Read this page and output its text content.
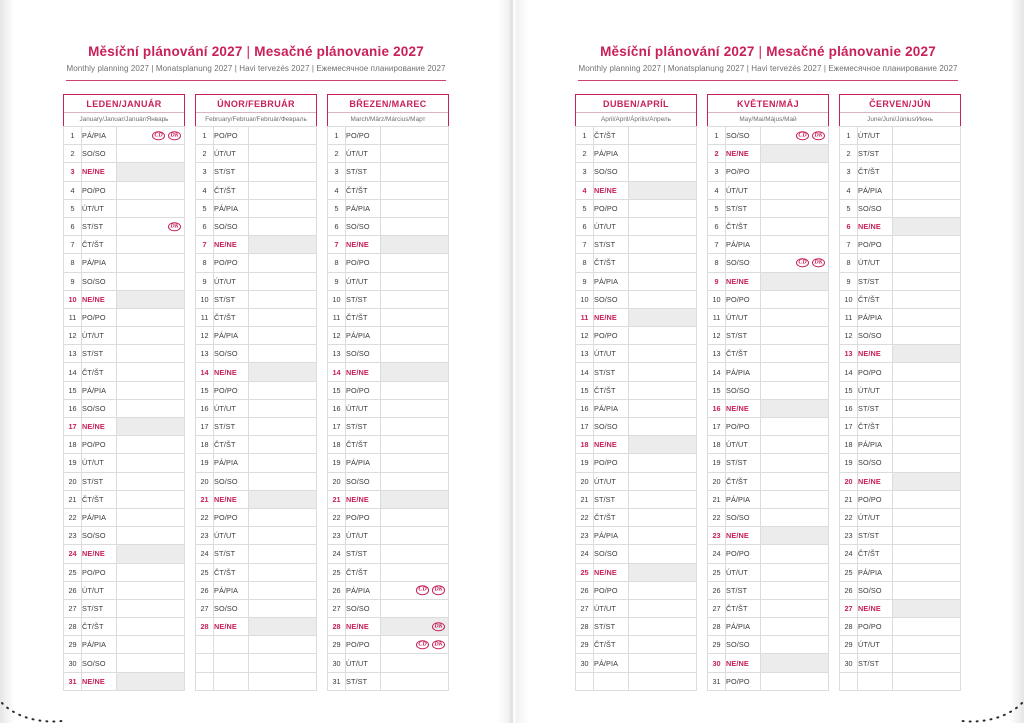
Měsíční plánování 2027 | Mesačné plánovanie 2027
Monthly planning 2027 | Monatsplanung 2027 | Havi tervezés 2027 | Ежемесячное планирование 2027
LEDEN/JANUÁR
January/Januar/Január/Январь
1	PÁ/PIA	CD DK

2	SO/SO	
3	NE/NE	
4	PO/PO	
5	ÚT/UT	
6	ST/ST	DK

7	ČT/ŠT	
8	PÁ/PIA	
9	SO/SO	
10	NE/NE	
11	PO/PO	
12	ÚT/UT	
13	ST/ST	
14	ČT/ŠT	
15	PÁ/PIA	
16	SO/SO	
17	NE/NE	
18	PO/PO	
19	ÚT/UT	
20	ST/ST	
21	ČT/ŠT	
22	PÁ/PIA	
23	SO/SO	
24	NE/NE	
25	PO/PO	
26	ÚT/UT	
27	ST/ST	
28	ČT/ŠT	
29	PÁ/PIA	
30	SO/SO	
31	NE/NE	
ÚNOR/FEBRUÁR
February/Februar/Február/Февраль
1	PO/PO	
2	ÚT/UT	
3	ST/ST	
4	ČT/ŠT	
5	PÁ/PIA	
6	SO/SO	
7	NE/NE	
8	PO/PO	
9	ÚT/UT	
10	ST/ST	
11	ČT/ŠT	
12	PÁ/PIA	
13	SO/SO	
14	NE/NE	
15	PO/PO	
16	ÚT/UT	
17	ST/ST	
18	ČT/ŠT	
19	PÁ/PIA	
20	SO/SO	
21	NE/NE	
22	PO/PO	
23	ÚT/UT	
24	ST/ST	
25	ČT/ŠT	
26	PÁ/PIA	
27	SO/SO	
28	NE/NE	

BŘEZEN/MAREC
March/März/Március/Март
1	PO/PO	
2	ÚT/UT	
3	ST/ST	
4	ČT/ŠT	
5	PÁ/PIA	
6	SO/SO	
7	NE/NE	
8	PO/PO	
9	ÚT/UT	
10	ST/ST	
11	ČT/ŠT	
12	PÁ/PIA	
13	SO/SO	
14	NE/NE	
15	PO/PO	
16	ÚT/UT	
17	ST/ST	
18	ČT/ŠT	
19	PÁ/PIA	
20	SO/SO	
21	NE/NE	
22	PO/PO	
23	ÚT/UT	
24	ST/ST	
25	ČT/ŠT	
26	PÁ/PIA	CD DK

27	SO/SO	
28	NE/NE	DK

29	PO/PO	CD DK

30	ÚT/UT	
31	ST/ST	
Měsíční plánování 2027 | Mesačné plánovanie 2027
Monthly planning 2027 | Monatsplanung 2027 | Havi tervezés 2027 | Ежемесячное планирование 2027
DUBEN/APRÍL
April/April/Április/Апрель
1	ČT/ŠT	
2	PÁ/PIA	
3	SO/SO	
4	NE/NE	
5	PO/PO	
6	ÚT/UT	
7	ST/ST	
8	ČT/ŠT	
9	PÁ/PIA	
10	SO/SO	
11	NE/NE	
12	PO/PO	
13	ÚT/UT	
14	ST/ST	
15	ČT/ŠT	
16	PÁ/PIA	
17	SO/SO	
18	NE/NE	
19	PO/PO	
20	ÚT/UT	
21	ST/ST	
22	ČT/ŠT	
23	PÁ/PIA	
24	SO/SO	
25	NE/NE	
26	PO/PO	
27	ÚT/UT	
28	ST/ST	
29	ČT/ŠT	
30	PÁ/PIA	

KVĚTEN/MÁJ
May/Mai/Május/Май
1	SO/SO	CD DK

2	NE/NE	
3	PO/PO	
4	ÚT/UT	
5	ST/ST	
6	ČT/ŠT	
7	PÁ/PIA	
8	SO/SO	CD DK

9	NE/NE	
10	PO/PO	
11	ÚT/UT	
12	ST/ST	
13	ČT/ŠT	
14	PÁ/PIA	
15	SO/SO	
16	NE/NE	
17	PO/PO	
18	ÚT/UT	
19	ST/ST	
20	ČT/ŠT	
21	PÁ/PIA	
22	SO/SO	
23	NE/NE	
24	PO/PO	
25	ÚT/UT	
26	ST/ST	
27	ČT/ŠT	
28	PÁ/PIA	
29	SO/SO	
30	NE/NE	
31	PO/PO	
ČERVEN/JÚN
June/Juni/Június/Июнь
1	ÚT/UT	
2	ST/ST	
3	ČT/ŠT	
4	PÁ/PIA	
5	SO/SO	
6	NE/NE	
7	PO/PO	
8	ÚT/UT	
9	ST/ST	
10	ČT/ŠT	
11	PÁ/PIA	
12	SO/SO	
13	NE/NE	
14	PO/PO	
15	ÚT/UT	
16	ST/ST	
17	ČT/ŠT	
18	PÁ/PIA	
19	SO/SO	
20	NE/NE	
21	PO/PO	
22	ÚT/UT	
23	ST/ST	
24	ČT/ŠT	
25	PÁ/PIA	
26	SO/SO	
27	NE/NE	
28	PO/PO	
29	ÚT/UT	
30	ST/ST	
